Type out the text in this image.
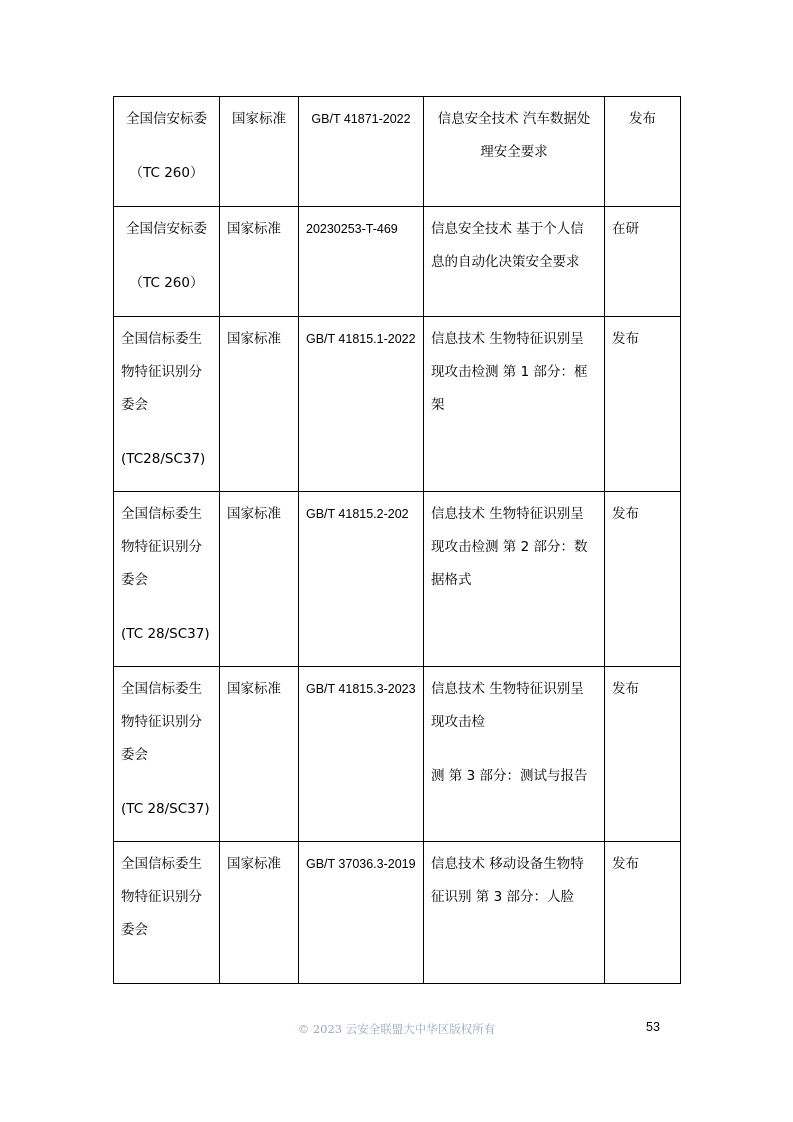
全国信安标委
（TC 260）	国家标准	GB/T 41871-2022	信息安全技术 汽车数据处
理安全要求	发布

全国信安标委
（TC 260）	国家标准	20230253-T-469	信息安全技术 基于个人信
息的自动化决策安全要求	在研

全国信标委生
物特征识别分
委会
(TC28/SC37)	国家标准	GB/T 41815.1-2022	信息技术 生物特征识别呈
现攻击检测 第 1 部分：框
架	发布

全国信标委生
物特征识别分
委会
(TC 28/SC37)	国家标准	GB/T 41815.2-202	信息技术 生物特征识别呈
现攻击检测 第 2 部分：数
据格式	发布

全国信标委生
物特征识别分
委会
(TC 28/SC37)	国家标准	GB/T 41815.3-2023	信息技术 生物特征识别呈
现攻击检
测 第 3 部分：测试与报告	发布

全国信标委生
物特征识别分
委会	国家标准	GB/T 37036.3-2019	信息技术 移动设备生物特
征识别 第 3 部分：人脸	发布
© 2023 云安全联盟大中华区版权所有	53
